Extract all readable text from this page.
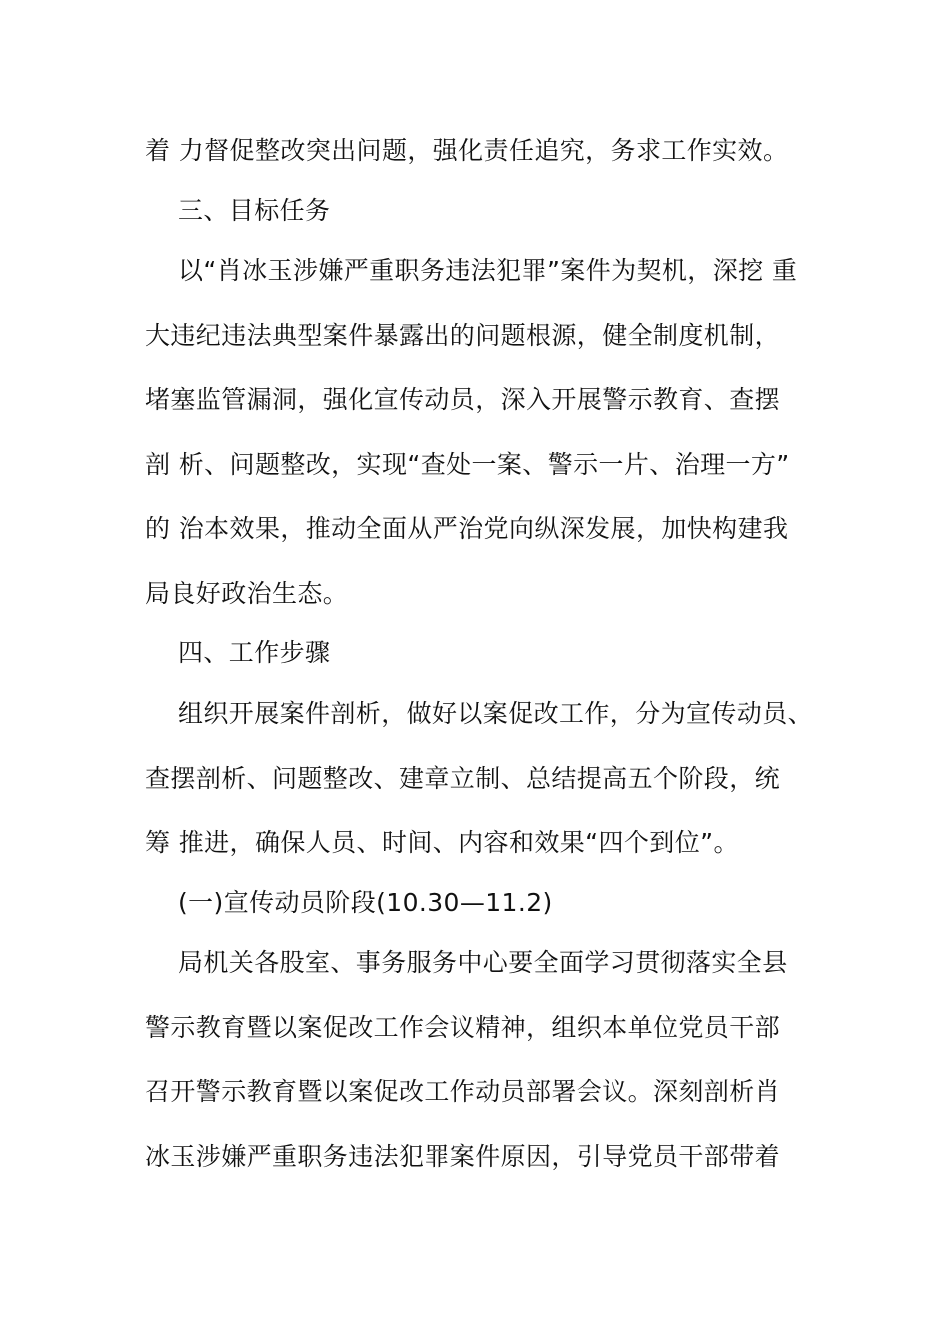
着 力督促整改突出问题，强化责任追究，务求工作实效。
三、目标任务
以“肖冰玉涉嫌严重职务违法犯罪”案件为契机，深挖 重
大违纪违法典型案件暴露出的问题根源，健全制度机制，
堵塞监管漏洞，强化宣传动员，深入开展警示教育、查摆
剖 析、问题整改，实现“查处一案、警示一片、治理一方”
的 治本效果，推动全面从严治党向纵深发展，加快构建我
局良好政治生态。
四、工作步骤
组织开展案件剖析，做好以案促改工作，分为宣传动员、
查摆剖析、问题整改、建章立制、总结提高五个阶段，统
筹 推进，确保人员、时间、内容和效果“四个到位”。
(一)宣传动员阶段(10.30—11.2)
局机关各股室、事务服务中心要全面学习贯彻落实全县
警示教育暨以案促改工作会议精神，组织本单位党员干部
召开警示教育暨以案促改工作动员部署会议。深刻剖析肖
冰玉涉嫌严重职务违法犯罪案件原因，引导党员干部带着
